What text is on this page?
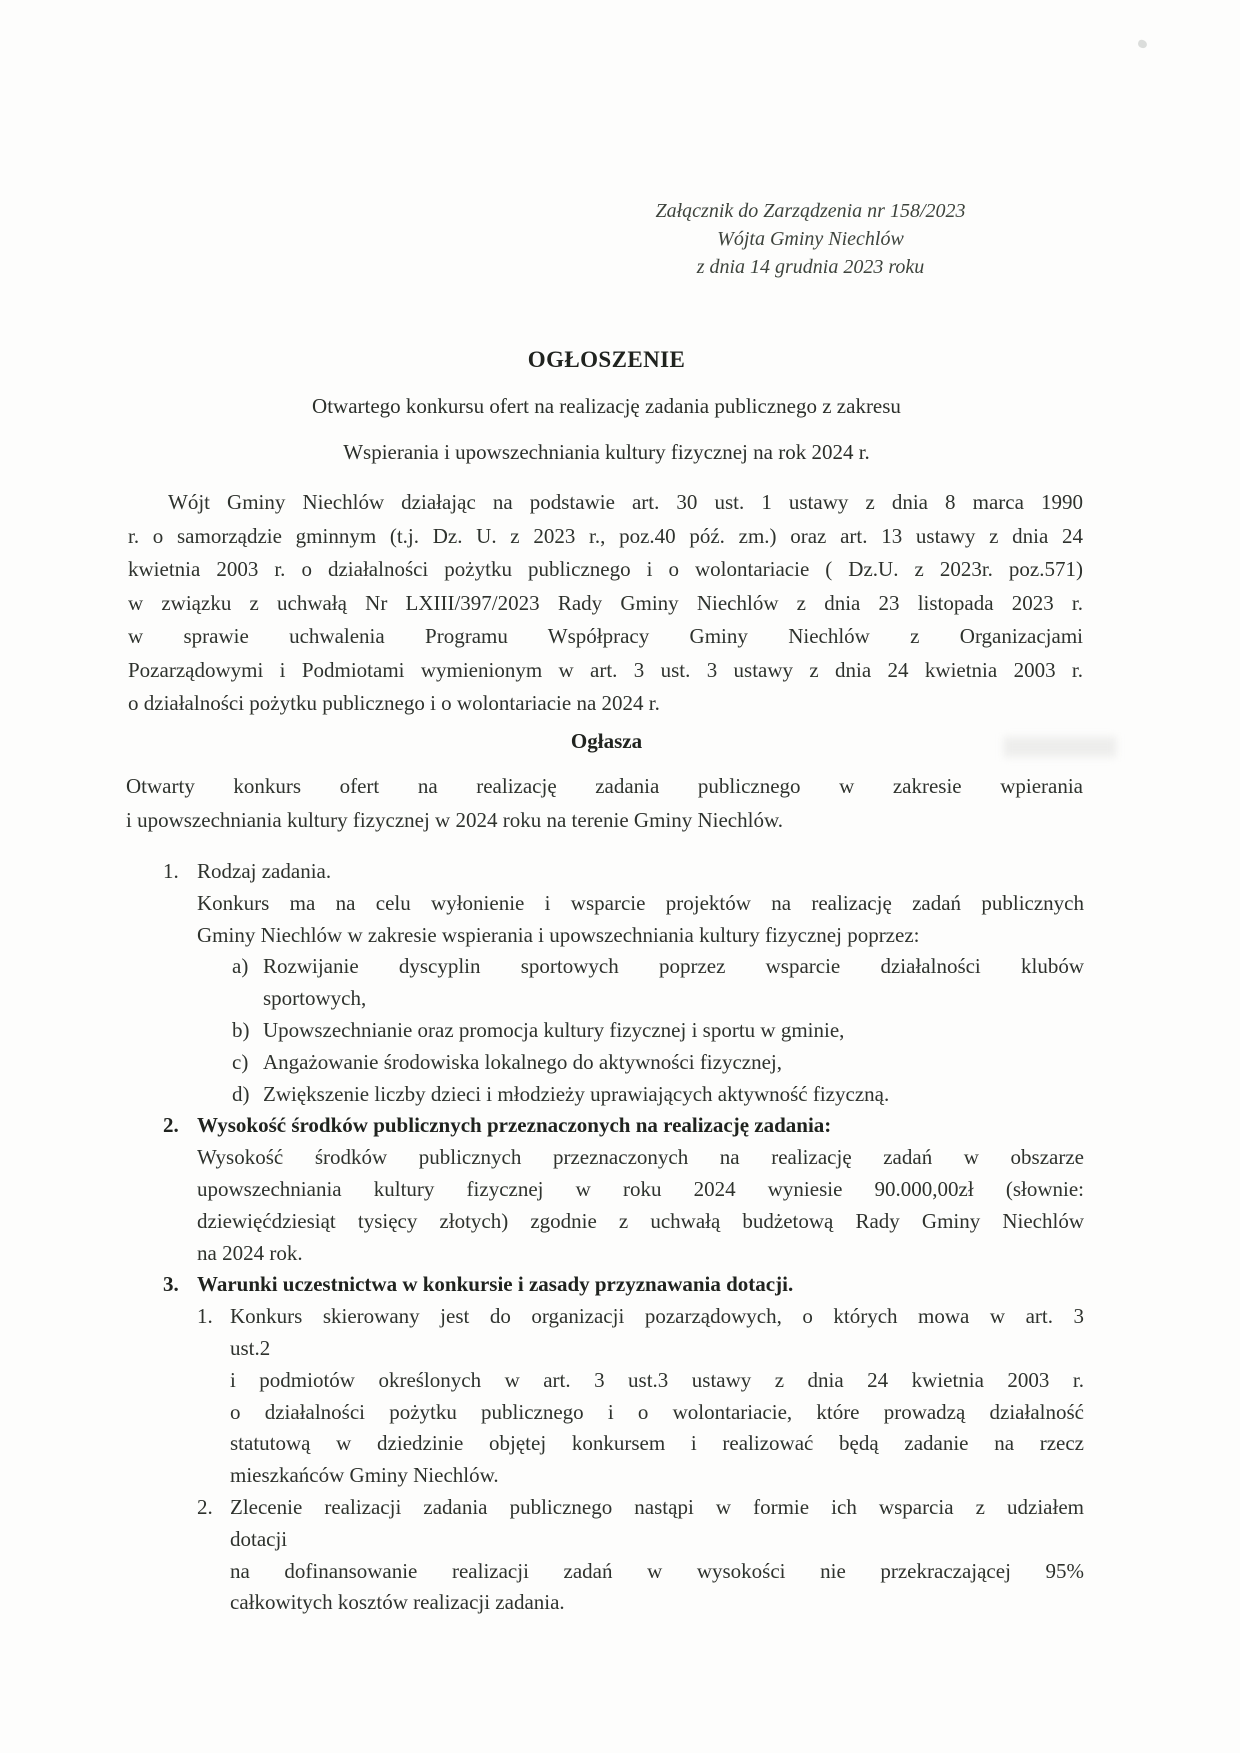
Załącznik do Zarządzenia nr 158/2023
Wójta Gminy Niechlów
z dnia 14 grudnia 2023 roku
OGŁOSZENIE
Otwartego konkursu ofert na realizację zadania publicznego z zakresu
Wspierania i upowszechniania kultury fizycznej na rok 2024 r.
Wójt Gminy Niechlów działając na podstawie art. 30 ust. 1 ustawy z dnia 8 marca 1990
r. o samorządzie gminnym (t.j. Dz. U. z 2023 r., poz.40 póź. zm.) oraz art. 13 ustawy z dnia 24
kwietnia 2003 r. o działalności pożytku publicznego i o wolontariacie ( Dz.U. z 2023r. poz.571)
w związku z uchwałą Nr LXIII/397/2023 Rady Gminy Niechlów z dnia 23 listopada 2023 r.
w sprawie uchwalenia Programu Współpracy Gminy Niechlów z Organizacjami
Pozarządowymi i Podmiotami wymienionym w art. 3 ust. 3 ustawy z dnia 24 kwietnia 2003 r.
o działalności pożytku publicznego i o wolontariacie na 2024 r.
Ogłasza
Otwarty konkurs ofert na realizację zadania publicznego w zakresie wpierania
i upowszechniania kultury fizycznej w 2024 roku na terenie Gminy Niechlów.
1. Rodzaj zadania.
Konkurs ma na celu wyłonienie i wsparcie projektów na realizację zadań publicznych
Gminy Niechlów w zakresie wspierania i upowszechniania kultury fizycznej poprzez:
a) Rozwijanie dyscyplin sportowych poprzez wsparcie działalności klubów
sportowych,
b) Upowszechnianie oraz promocja kultury fizycznej i sportu w gminie,
c) Angażowanie środowiska lokalnego do aktywności fizycznej,
d) Zwiększenie liczby dzieci i młodzieży uprawiających aktywność fizyczną.
2. Wysokość środków publicznych przeznaczonych na realizację zadania:
Wysokość środków publicznych przeznaczonych na realizację zadań w obszarze
upowszechniania kultury fizycznej w roku 2024 wyniesie 90.000,00zł (słownie:
dziewięćdziesiąt tysięcy złotych) zgodnie z uchwałą budżetową Rady Gminy Niechlów
na 2024 rok.
3. Warunki uczestnictwa w konkursie i zasady przyznawania dotacji.
1. Konkurs skierowany jest do organizacji pozarządowych, o których mowa w art. 3
ust.2
i podmiotów określonych w art. 3 ust.3 ustawy z dnia 24 kwietnia 2003 r.
o działalności pożytku publicznego i o wolontariacie, które prowadzą działalność
statutową w dziedzinie objętej konkursem i realizować będą zadanie na rzecz
mieszkańców Gminy Niechlów.
2. Zlecenie realizacji zadania publicznego nastąpi w formie ich wsparcia z udziałem
dotacji
na dofinansowanie realizacji zadań w wysokości nie przekraczającej 95%
całkowitych kosztów realizacji zadania.
